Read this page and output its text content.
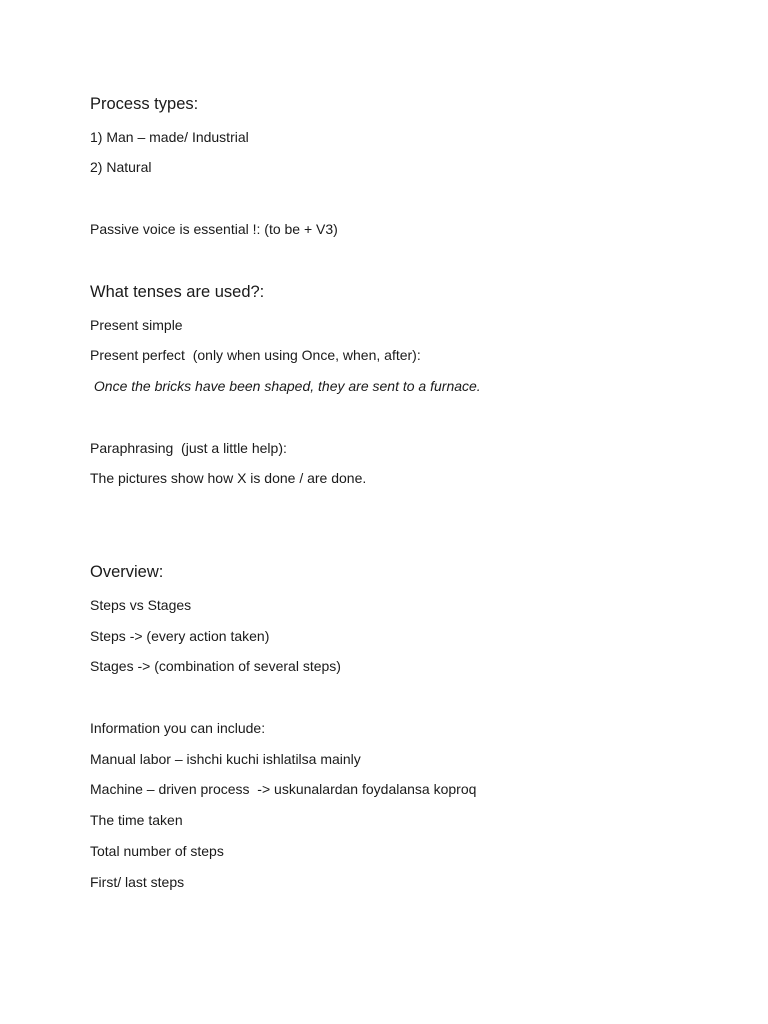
Process types:
1) Man – made/ Industrial
2) Natural
Passive voice is essential !: (to be + V3)
What tenses are used?:
Present simple
Present perfect  (only when using Once, when, after):
Once the bricks have been shaped, they are sent to a furnace.
Paraphrasing  (just a little help):
The pictures show how X is done / are done.
Overview:
Steps vs Stages
Steps -> (every action taken)
Stages -> (combination of several steps)
Information you can include:
Manual labor – ishchi kuchi ishlatilsa mainly
Machine – driven process  -> uskunalardan foydalansa koproq
The time taken
Total number of steps
First/ last steps
